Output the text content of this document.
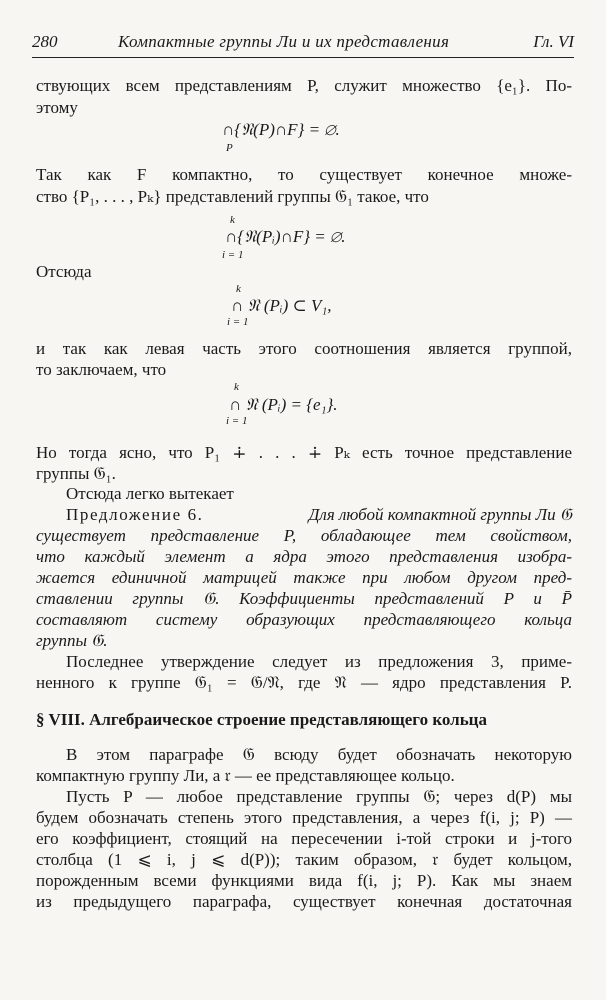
280	Компактные группы Ли и их представления	Гл. VI
ствующих всем представлениям P, служит множество {e₁}. По-
этому
∩{𝔑(P)∩F} = ∅.
P
Так как F компактно, то существует конечное множе-
ство {P₁, . . . , Pₖ} представлений группы 𝔊₁ такое, что
k
∩{𝔑(Pᵢ)∩F} = ∅.
i = 1
Отсюда
k
∩ 𝔑 (Pᵢ) ⊂ V₁,
i = 1
и так как левая часть этого соотношения является группой,
то заключаем, что
k
∩ 𝔑 (Pᵢ) = {e₁}.
i = 1
Но тогда ясно, что P₁ ∔ . . . ∔ Pₖ есть точное представление
группы 𝔊₁.
Отсюда легко вытекает
Предложение 6.	Для любой компактной группы Ли 𝔊
существует представление P, обладающее тем свойством,
что каждый элемент a ядра этого представления изобра-
жается единичной матрицей также при любом другом пред-
ставлении группы 𝔊. Коэффициенты представлений P и P̄
составляют систему образующих представляющего кольца
группы 𝔊.
Последнее утверждение следует из предложения 3, приме-
ненного к группе 𝔊₁ = 𝔊/𝔑, где 𝔑 — ядро представления P.
§ VIII. Алгебраическое строение представляющего кольца
В этом параграфе 𝔊 всюду будет обозначать некоторую
компактную группу Ли, а 𝔯 — ее представляющее кольцо.
Пусть P — любое представление группы 𝔊; через d(P) мы
будем обозначать степень этого представления, а через f(i, j; P) —
его коэффициент, стоящий на пересечении i-той строки и j-того
столбца (1 ⩽ i, j ⩽ d(P)); таким образом, 𝔯 будет кольцом,
порожденным всеми функциями вида f(i, j; P). Как мы знаем
из предыдущего параграфа, существует конечная достаточная
